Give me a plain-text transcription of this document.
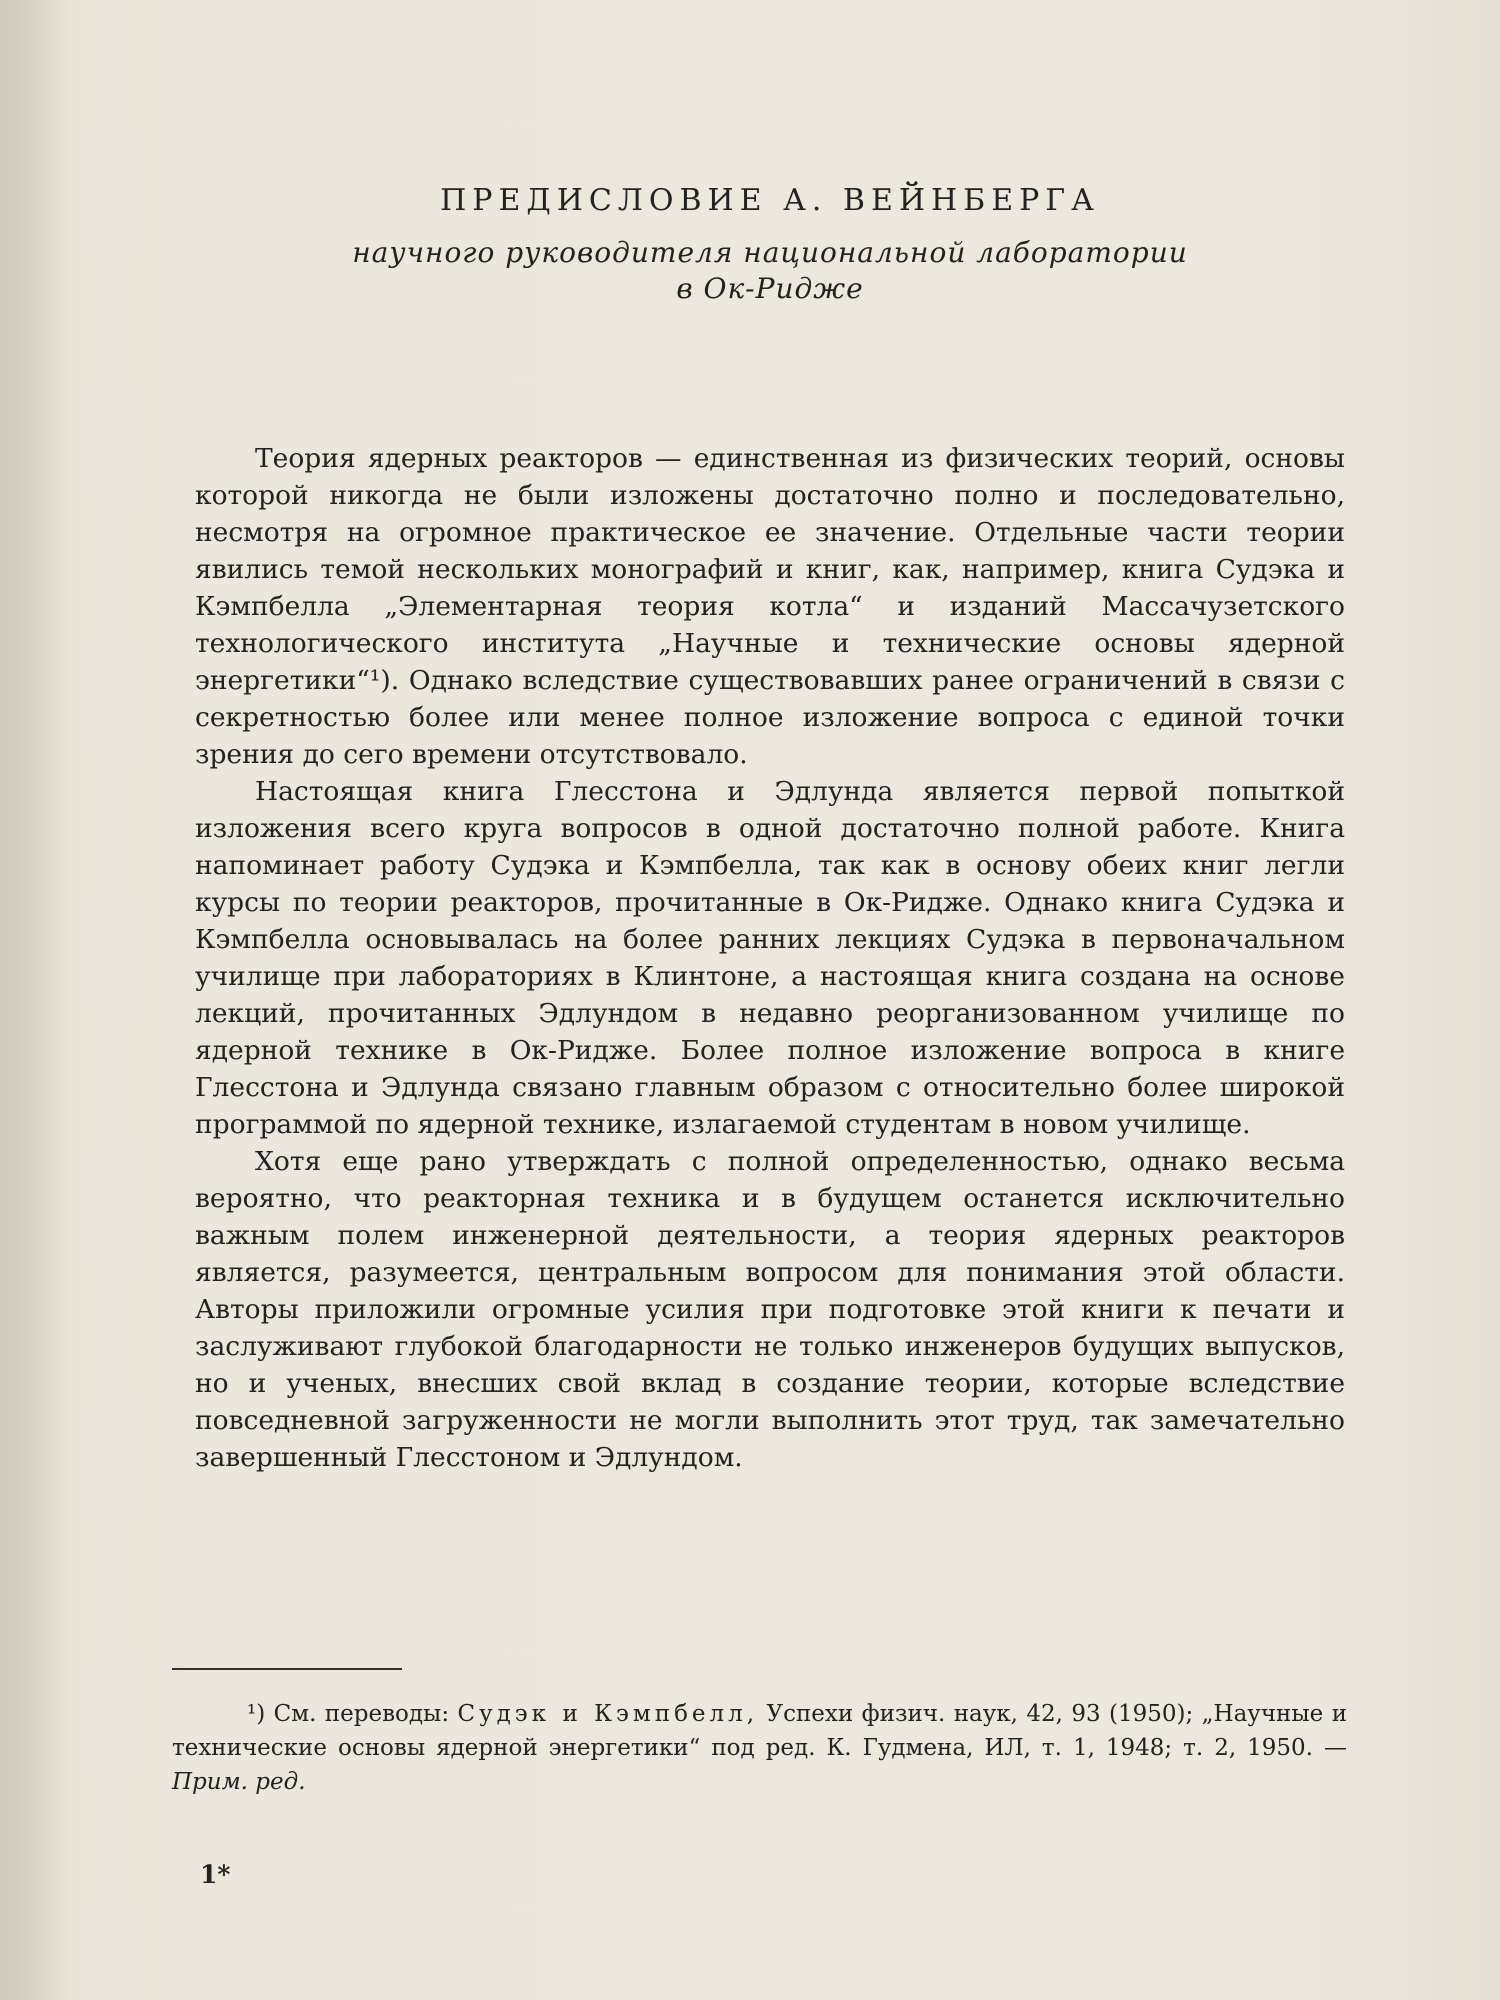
ПРЕДИСЛОВИЕ А. ВЕЙНБЕРГА
научного руководителя национальной лаборатории
в Ок-Ридже

Теория ядерных реакторов — единственная из физических теорий, основы которой никогда не были изложены достаточно полно и последовательно, несмотря на огромное практическое ее значение. Отдельные части теории явились темой нескольких монографий и книг, как, например, книга Судэка и Кэмпбелла „Элементарная теория котла“ и изданий Массачузетского технологического института „Научные и технические основы ядерной энергетики“¹). Однако вследствие существовавших ранее ограничений в связи с секретностью более или менее полное изложение вопроса с единой точки зрения до сего времени отсутствовало.

Настоящая книга Глесстона и Эдлунда является первой попыткой изложения всего круга вопросов в одной достаточно полной работе. Книга напоминает работу Судэка и Кэмпбелла, так как в основу обеих книг легли курсы по теории реакторов, прочитанные в Ок-Ридже. Однако книга Судэка и Кэмпбелла основывалась на более ранних лекциях Судэка в первоначальном училище при лабораториях в Клинтоне, а настоящая книга создана на основе лекций, прочитанных Эдлундом в недавно реорганизованном училище по ядерной технике в Ок-Ридже. Более полное изложение вопроса в книге Глесстона и Эдлунда связано главным образом с относительно более широкой программой по ядерной технике, излагаемой студентам в новом училище.

Хотя еще рано утверждать с полной определенностью, однако весьма вероятно, что реакторная техника и в будущем останется исключительно важным полем инженерной деятельности, а теория ядерных реакторов является, разумеется, центральным вопросом для понимания этой области. Авторы приложили огромные усилия при подготовке этой книги к печати и заслуживают глубокой благодарности не только инженеров будущих выпусков, но и ученых, внесших свой вклад в создание теории, которые вследствие повседневной загруженности не могли выполнить этот труд, так замечательно завершенный Глесстоном и Эдлундом.

¹) См. переводы: Судэк и Кэмпбелл, Успехи физич. наук, 42, 93 (1950); „Научные и технические основы ядерной энергетики“ под ред. К. Гудмена, ИЛ, т. 1, 1948; т. 2, 1950. — Прим. ред.
1*
